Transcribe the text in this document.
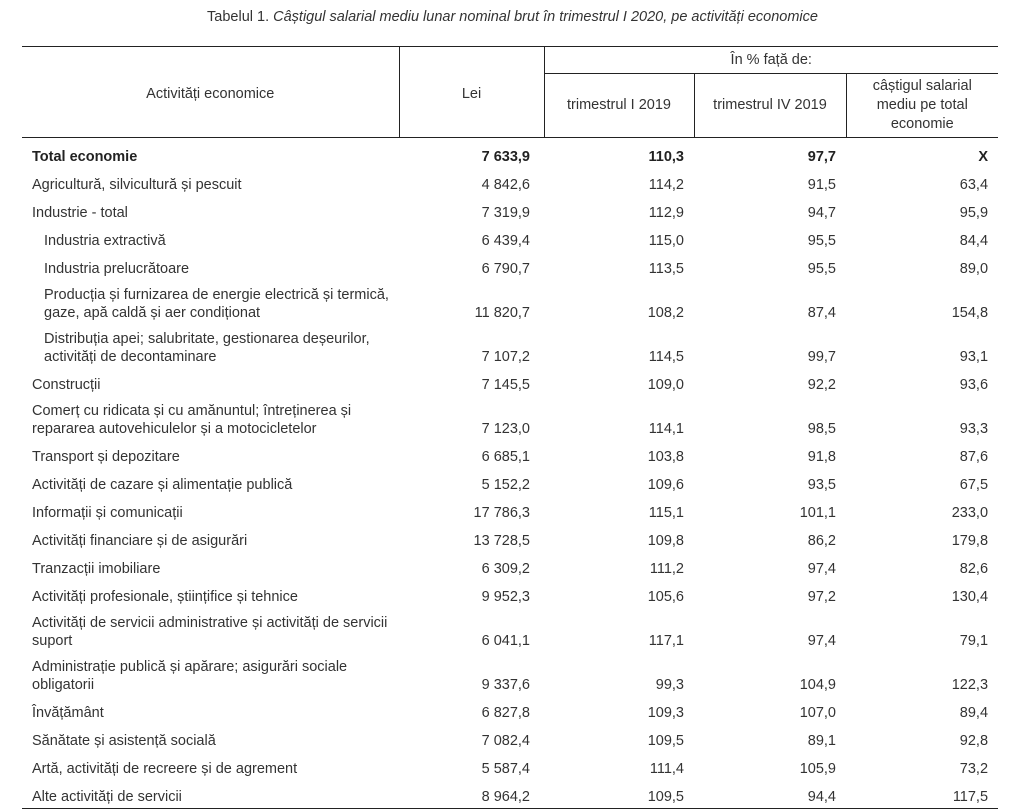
Tabelul 1. Câștigul salarial mediu lunar nominal brut în trimestrul I 2020, pe activități economice
Activități economice	Lei	În % față de:		
		trimestrul I 2019	trimestrul IV 2019	câștigul salarial mediu pe total economie
Total economie	7 633,9	110,3	97,7	X
Agricultură, silvicultură și pescuit	4 842,6	114,2	91,5	63,4
Industrie - total	7 319,9	112,9	94,7	95,9
Industria extractivă	6 439,4	115,0	95,5	84,4
Industria prelucrătoare	6 790,7	113,5	95,5	89,0
Producția și furnizarea de energie electrică și termică, gaze, apă caldă și aer condiționat	11 820,7	108,2	87,4	154,8
Distribuția apei; salubritate, gestionarea deșeurilor, activități de decontaminare	7 107,2	114,5	99,7	93,1
Construcții	7 145,5	109,0	92,2	93,6
Comerț cu ridicata și cu amănuntul; întreținerea și repararea autovehiculelor și a motocicletelor	7 123,0	114,1	98,5	93,3
Transport și depozitare	6 685,1	103,8	91,8	87,6
Activități de cazare și alimentație publică	5 152,2	109,6	93,5	67,5
Informații și comunicații	17 786,3	115,1	101,1	233,0
Activități financiare și de asigurări	13 728,5	109,8	86,2	179,8
Tranzacții imobiliare	6 309,2	111,2	97,4	82,6
Activități profesionale, științifice și tehnice	9 952,3	105,6	97,2	130,4
Activități de servicii administrative și activități de servicii suport	6 041,1	117,1	97,4	79,1
Administrație publică și apărare; asigurări sociale obligatorii	9 337,6	99,3	104,9	122,3
Învățământ	6 827,8	109,3	107,0	89,4
Sănătate și asistență socială	7 082,4	109,5	89,1	92,8
Artă, activități de recreere și de agrement	5 587,4	111,4	105,9	73,2
Alte activități de servicii	8 964,2	109,5	94,4	117,5
